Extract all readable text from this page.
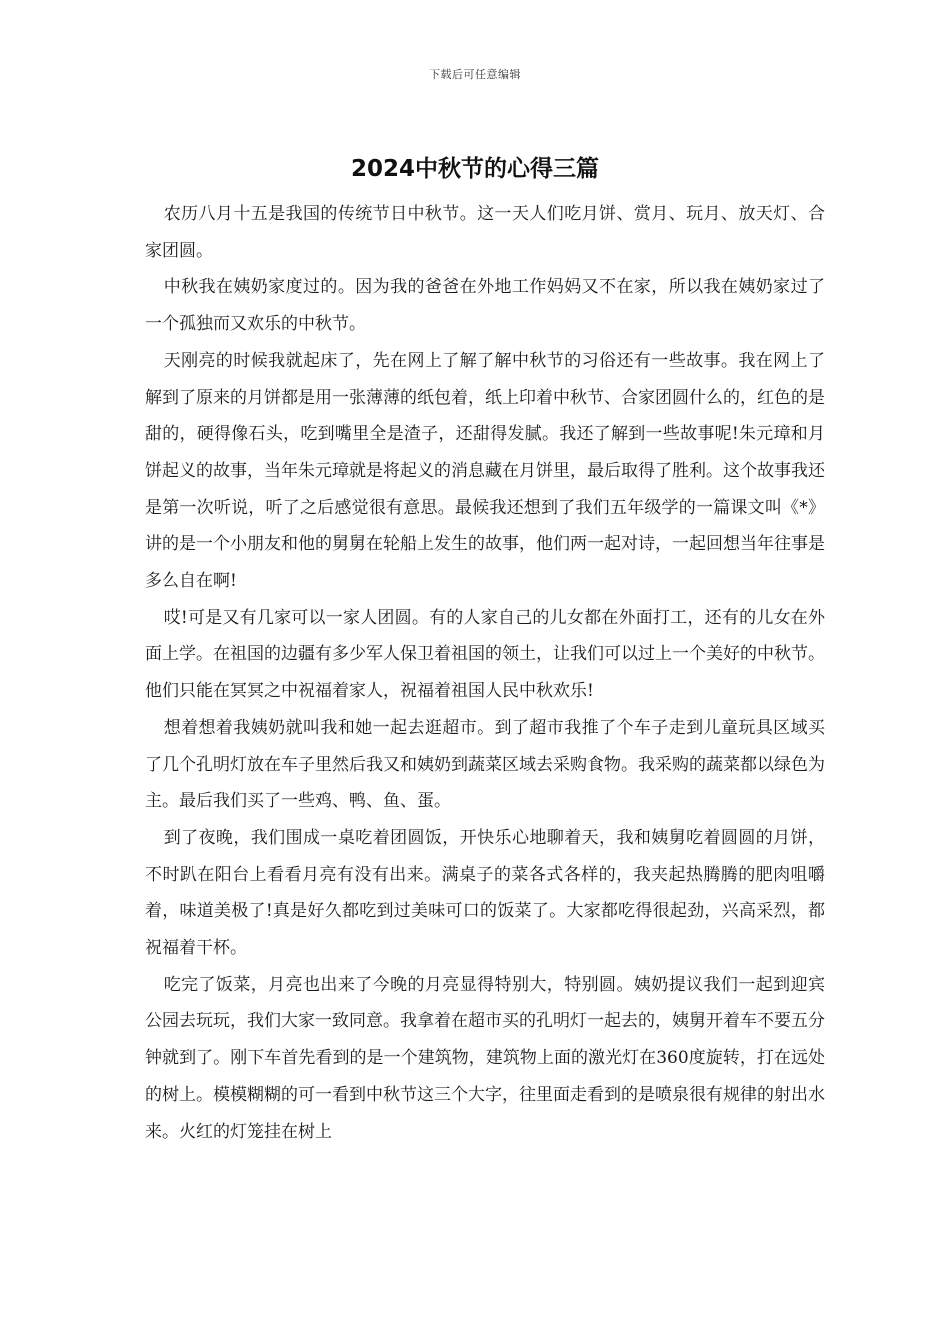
下载后可任意编辑
2024中秋节的心得三篇

农历八月十五是我国的传统节日中秋节。这一天人们吃月饼、赏月、玩月、放天灯、合家团圆。

中秋我在姨奶家度过的。因为我的爸爸在外地工作妈妈又不在家，所以我在姨奶家过了一个孤独而又欢乐的中秋节。

天刚亮的时候我就起床了，先在网上了解了解中秋节的习俗还有一些故事。我在网上了解到了原来的月饼都是用一张薄薄的纸包着，纸上印着中秋节、合家团圆什么的，红色的是甜的，硬得像石头，吃到嘴里全是渣子，还甜得发腻。我还了解到一些故事呢!朱元璋和月饼起义的故事，当年朱元璋就是将起义的消息藏在月饼里，最后取得了胜利。这个故事我还是第一次听说，听了之后感觉很有意思。最候我还想到了我们五年级学的一篇课文叫《*》讲的是一个小朋友和他的舅舅在轮船上发生的故事，他们两一起对诗，一起回想当年往事是多么自在啊!

哎!可是又有几家可以一家人团圆。有的人家自己的儿女都在外面打工，还有的儿女在外面上学。在祖国的边疆有多少军人保卫着祖国的领土，让我们可以过上一个美好的中秋节。他们只能在冥冥之中祝福着家人，祝福着祖国人民中秋欢乐!

想着想着我姨奶就叫我和她一起去逛超市。到了超市我推了个车子走到儿童玩具区域买了几个孔明灯放在车子里然后我又和姨奶到蔬菜区域去采购食物。我采购的蔬菜都以绿色为主。最后我们买了一些鸡、鸭、鱼、蛋。

到了夜晚，我们围成一桌吃着团圆饭，开快乐心地聊着天，我和姨舅吃着圆圆的月饼，不时趴在阳台上看看月亮有没有出来。满桌子的菜各式各样的，我夹起热腾腾的肥肉咀嚼着，味道美极了!真是好久都吃到过美味可口的饭菜了。大家都吃得很起劲，兴高采烈，都祝福着干杯。

吃完了饭菜，月亮也出来了今晚的月亮显得特别大，特别圆。姨奶提议我们一起到迎宾公园去玩玩，我们大家一致同意。我拿着在超市买的孔明灯一起去的，姨舅开着车不要五分钟就到了。刚下车首先看到的是一个建筑物，建筑物上面的激光灯在360度旋转，打在远处的树上。模模糊糊的可一看到中秋节这三个大字，往里面走看到的是喷泉很有规律的射出水来。火红的灯笼挂在树上
